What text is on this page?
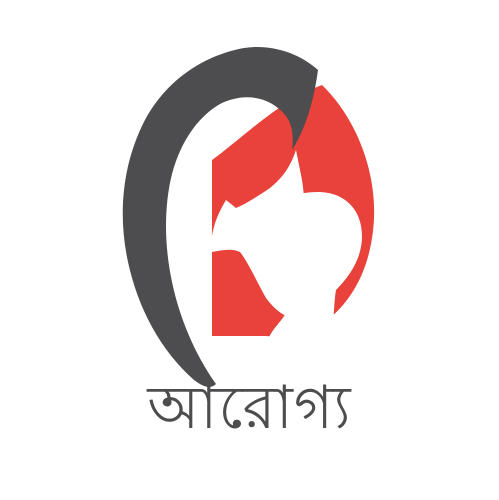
আরোগ্য
